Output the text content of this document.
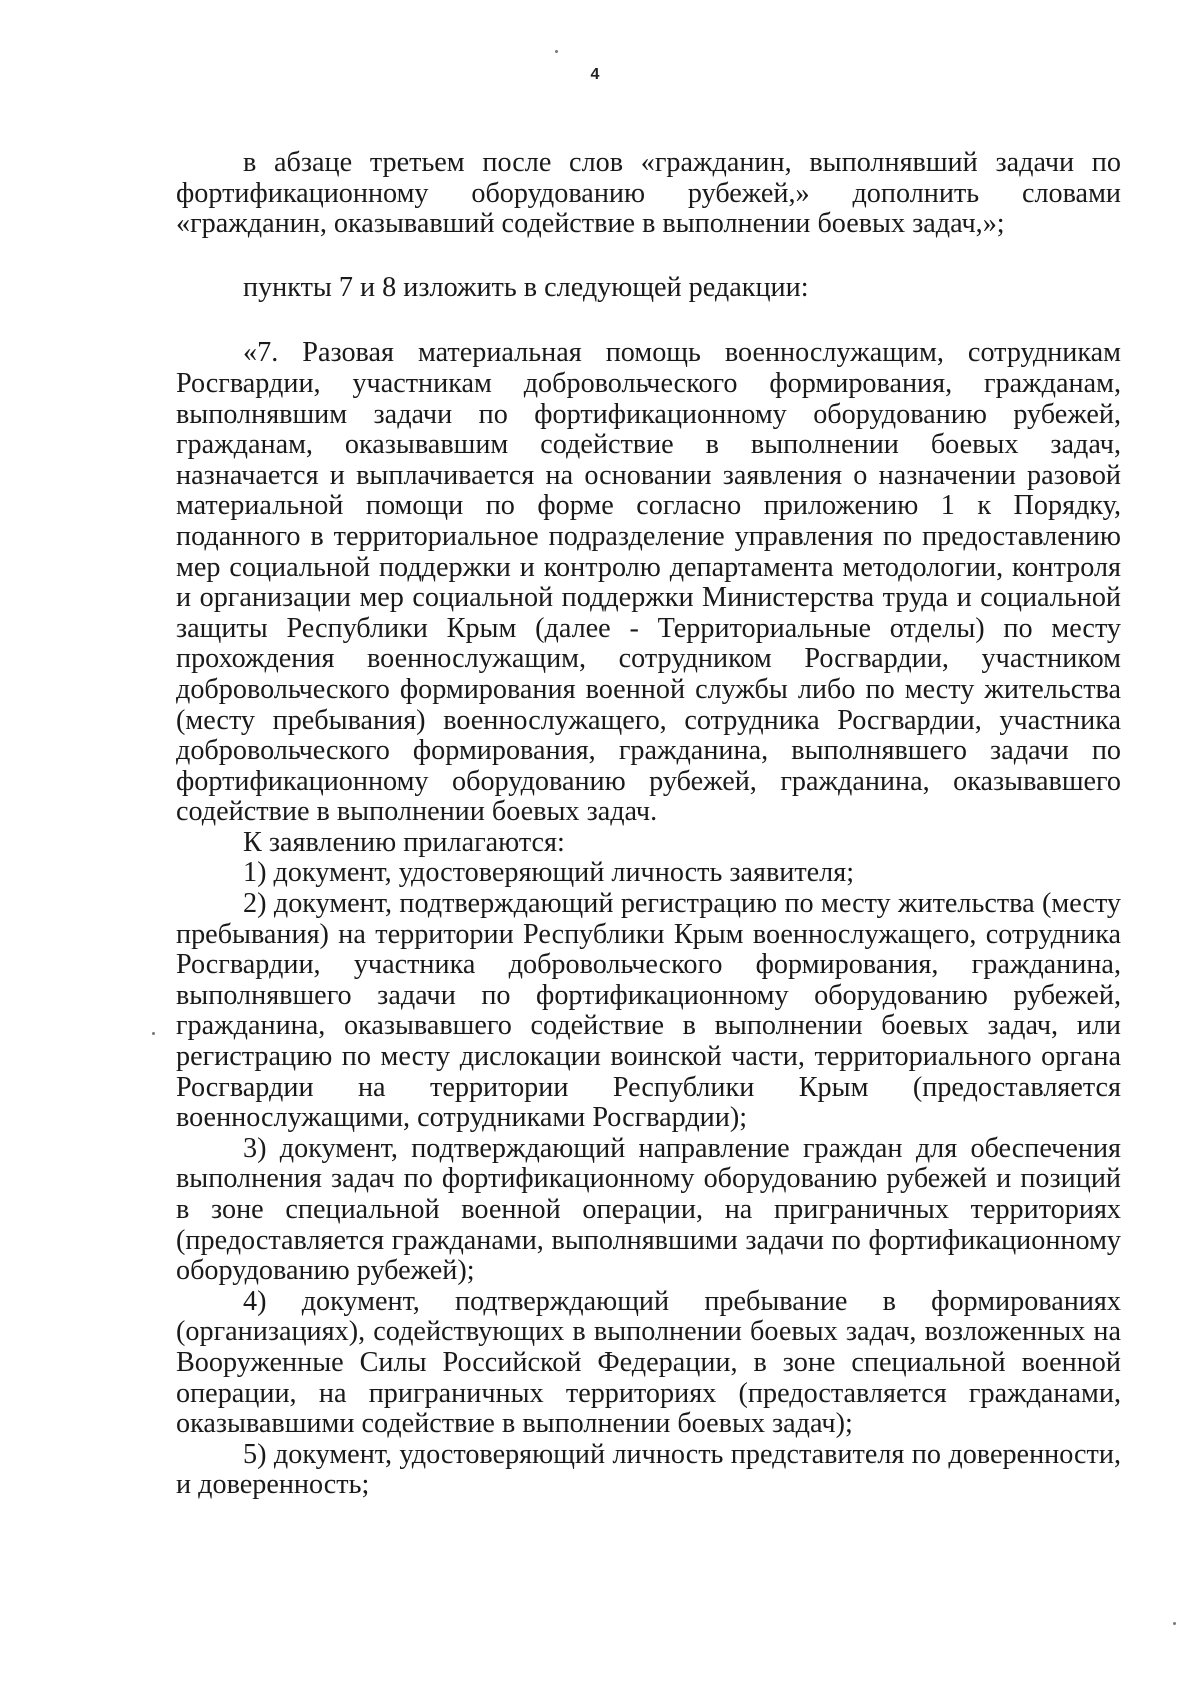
4

в абзаце третьем после слов «гражданин, выполнявший задачи по фортификационному оборудованию рубежей,» дополнить словами «гражданин, оказывавший содействие в выполнении боевых задач,»;

пункты 7 и 8 изложить в следующей редакции:

«7. Разовая материальная помощь военнослужащим, сотрудникам Росгвардии, участникам добровольческого формирования, гражданам, выполнявшим задачи по фортификационному оборудованию рубежей, гражданам, оказывавшим содействие в выполнении боевых задач, назначается и выплачивается на основании заявления о назначении разовой материальной помощи по форме согласно приложению 1 к Порядку, поданного в территориальное подразделение управления по предоставлению мер социальной поддержки и контролю департамента методологии, контроля и организации мер социальной поддержки Министерства труда и социальной защиты Республики Крым (далее - Территориальные отделы) по месту прохождения военнослужащим, сотрудником Росгвардии, участником добровольческого формирования военной службы либо по месту жительства (месту пребывания) военнослужащего, сотрудника Росгвардии, участника добровольческого формирования, гражданина, выполнявшего задачи по фортификационному оборудованию рубежей, гражданина, оказывавшего содействие в выполнении боевых задач.

К заявлению прилагаются:

1) документ, удостоверяющий личность заявителя;

2) документ, подтверждающий регистрацию по месту жительства (месту пребывания) на территории Республики Крым военнослужащего, сотрудника Росгвардии, участника добровольческого формирования, гражданина, выполнявшего задачи по фортификационному оборудованию рубежей, гражданина, оказывавшего содействие в выполнении боевых задач, или регистрацию по месту дислокации воинской части, территориального органа Росгвардии на территории Республики Крым (предоставляется военнослужащими, сотрудниками Росгвардии);

3) документ, подтверждающий направление граждан для обеспечения выполнения задач по фортификационному оборудованию рубежей и позиций в зоне специальной военной операции, на приграничных территориях (предоставляется гражданами, выполнявшими задачи по фортификационному оборудованию рубежей);

4) документ, подтверждающий пребывание в формированиях (организациях), содействующих в выполнении боевых задач, возложенных на Вооруженные Силы Российской Федерации, в зоне специальной военной операции, на приграничных территориях (предоставляется гражданами, оказывавшими содействие в выполнении боевых задач);

5) документ, удостоверяющий личность представителя по доверенности, и доверенность;
